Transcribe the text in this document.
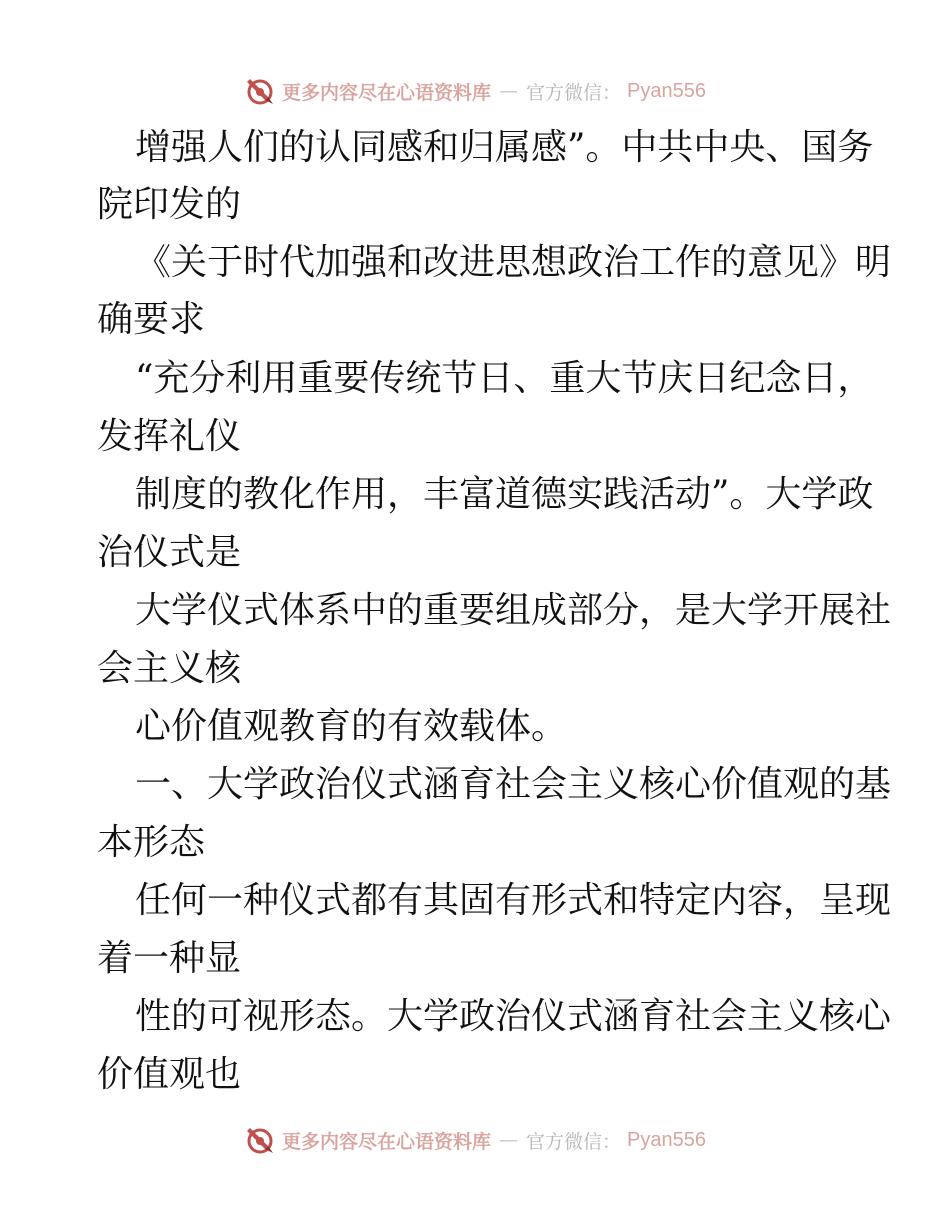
更多内容尽在心语资料库 — 官方微信： Pyan556
增强人们的认同感和归属感”。中共中央、国务
院印发的
《关于时代加强和改进思想政治工作的意见》明
确要求
“充分利用重要传统节日、重大节庆日纪念日，
发挥礼仪
制度的教化作用，丰富道德实践活动”。大学政
治仪式是
大学仪式体系中的重要组成部分，是大学开展社
会主义核
心价值观教育的有效载体。
一、大学政治仪式涵育社会主义核心价值观的基
本形态
任何一种仪式都有其固有形式和特定内容，呈现
着一种显
性的可视形态。大学政治仪式涵育社会主义核心
价值观也
更多内容尽在心语资料库 — 官方微信： Pyan556
